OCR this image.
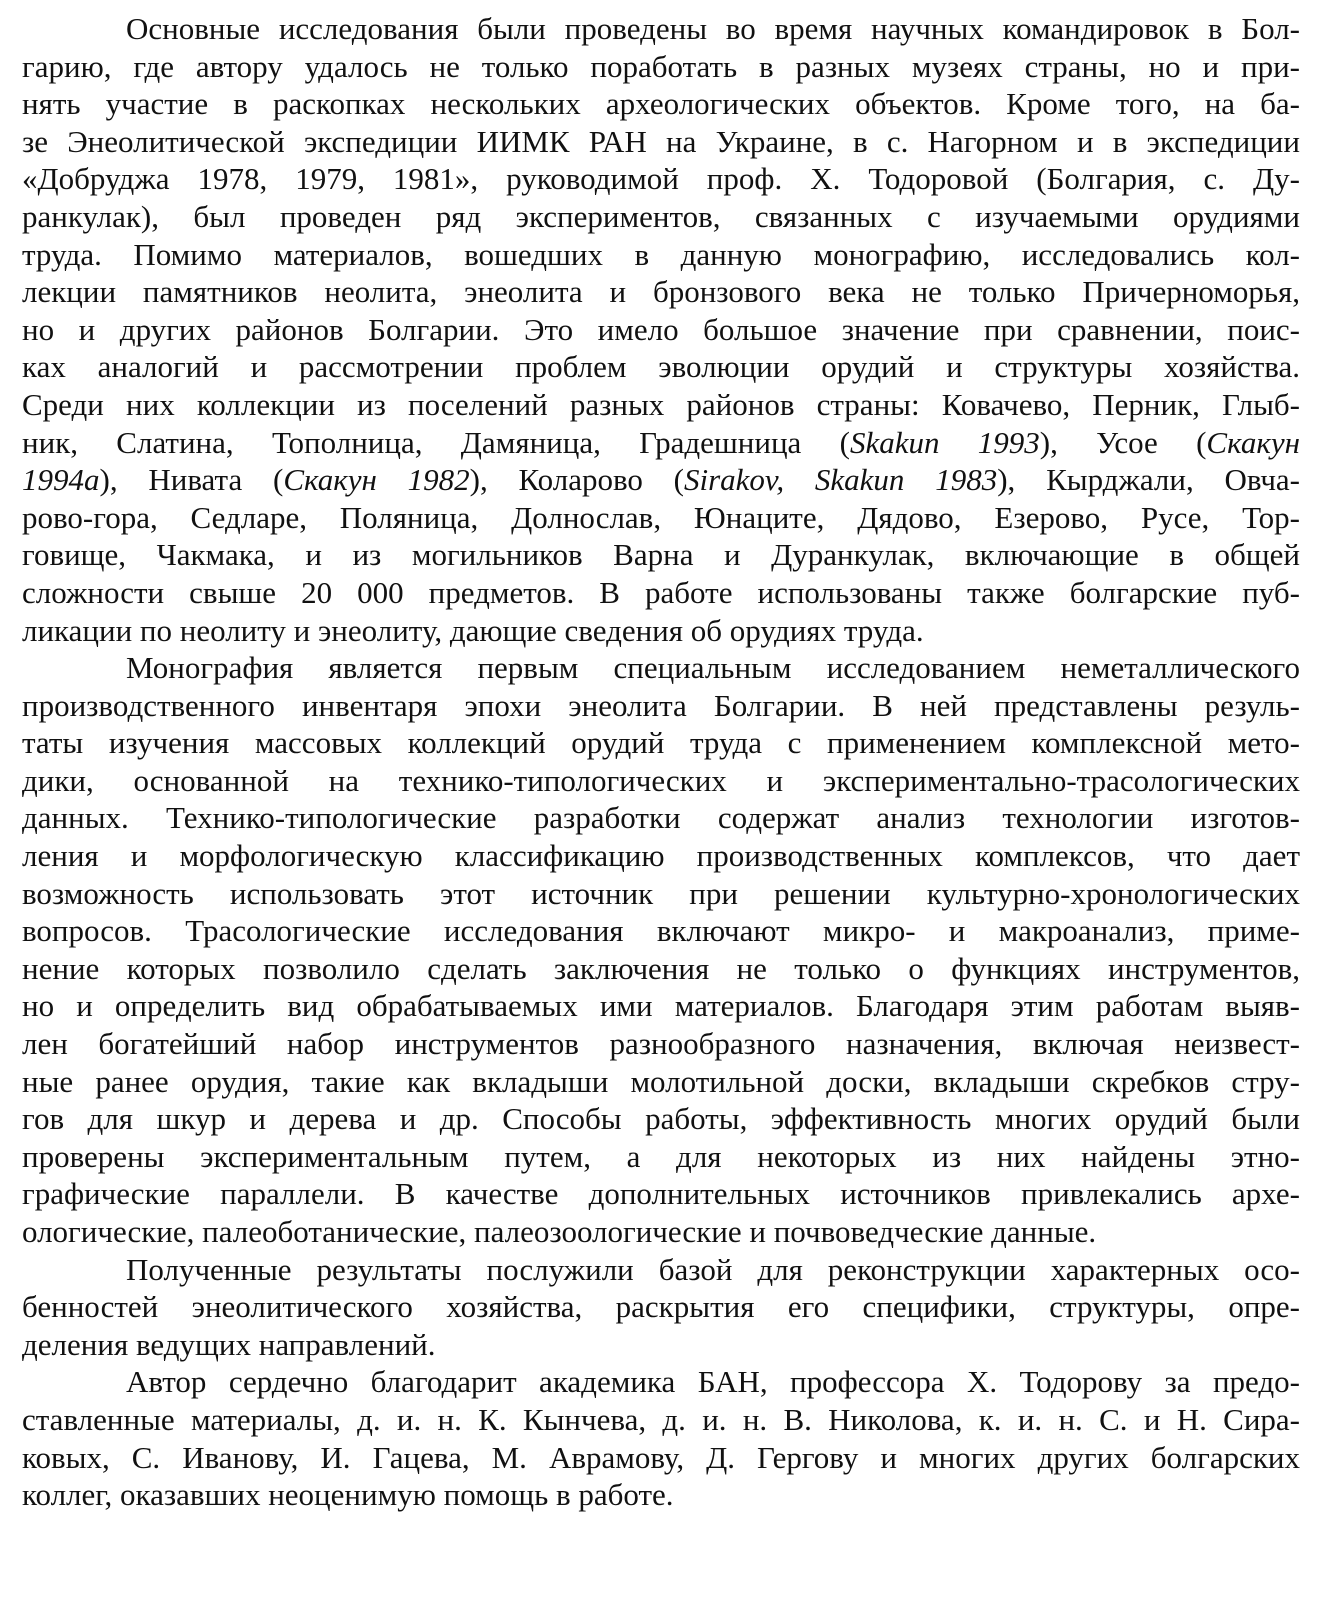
Основные исследования были проведены во время научных командировок в Бол-
гарию, где автору удалось не только поработать в разных музеях страны, но и при-
нять участие в раскопках нескольких археологических объектов. Кроме того, на ба-
зе Энеолитической экспедиции ИИМК РАН на Украине, в с. Нагорном и в экспедиции
«Добруджа 1978, 1979, 1981», руководимой проф. Х. Тодоровой (Болгария, с. Ду-
ранкулак), был проведен ряд экспериментов, связанных с изучаемыми орудиями
труда. Помимо материалов, вошедших в данную монографию, исследовались кол-
лекции памятников неолита, энеолита и бронзового века не только Причерноморья,
но и других районов Болгарии. Это имело большое значение при сравнении, поис-
ках аналогий и рассмотрении проблем эволюции орудий и структуры хозяйства.
Среди них коллекции из поселений разных районов страны: Ковачево, Перник, Глыб-
ник, Слатина, Тополница, Дамяница, Градешница (Skakun 1993), Усое (Скакун
1994а), Нивата (Скакун 1982), Коларово (Sirakov, Skakun 1983), Кырджали, Овча-
рово-гора, Седларе, Поляница, Долнослав, Юнаците, Дядово, Езерово, Русе, Тор-
говище, Чакмака, и из могильников Варна и Дуранкулак, включающие в общей
сложности свыше 20 000 предметов. В работе использованы также болгарские пуб-
ликации по неолиту и энеолиту, дающие сведения об орудиях труда.

Монография является первым специальным исследованием неметаллического
производственного инвентаря эпохи энеолита Болгарии. В ней представлены резуль-
таты изучения массовых коллекций орудий труда с применением комплексной мето-
дики, основанной на технико-типологических и экспериментально-трасологических
данных. Технико-типологические разработки содержат анализ технологии изготов-
ления и морфологическую классификацию производственных комплексов, что дает
возможность использовать этот источник при решении культурно-хронологических
вопросов. Трасологические исследования включают микро- и макроанализ, приме-
нение которых позволило сделать заключения не только о функциях инструментов,
но и определить вид обрабатываемых ими материалов. Благодаря этим работам выяв-
лен богатейший набор инструментов разнообразного назначения, включая неизвест-
ные ранее орудия, такие как вкладыши молотильной доски, вкладыши скребков стру-
гов для шкур и дерева и др. Способы работы, эффективность многих орудий были
проверены экспериментальным путем, а для некоторых из них найдены этно-
графические параллели. В качестве дополнительных источников привлекались архе-
ологические, палеоботанические, палеозоологические и почвоведческие данные.

Полученные результаты послужили базой для реконструкции характерных осо-
бенностей энеолитического хозяйства, раскрытия его специфики, структуры, опре-
деления ведущих направлений.

Автор сердечно благодарит академика БАН, профессора Х. Тодорову за предо-
ставленные материалы, д. и. н. К. Кынчева, д. и. н. В. Николова, к. и. н. С. и Н. Сира-
ковых, С. Иванову, И. Гацева, М. Аврамову, Д. Гергову и многих других болгарских
коллег, оказавших неоценимую помощь в работе.
